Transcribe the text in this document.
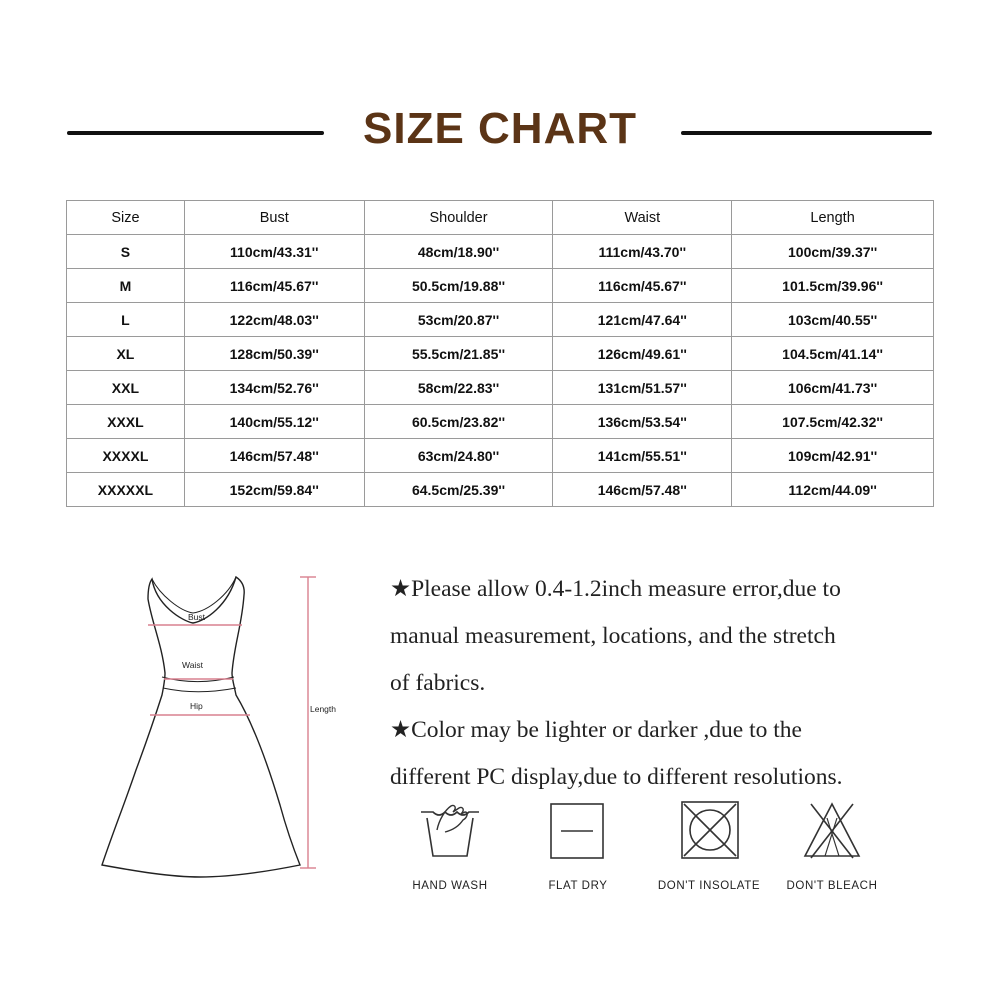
SIZE CHART
Size	Bust	Shoulder	Waist	Length
S	110cm/43.31''	48cm/18.90''	111cm/43.70''	100cm/39.37''
M	116cm/45.67''	50.5cm/19.88''	116cm/45.67''	101.5cm/39.96''
L	122cm/48.03''	53cm/20.87''	121cm/47.64''	103cm/40.55''
XL	128cm/50.39''	55.5cm/21.85''	126cm/49.61''	104.5cm/41.14''
XXL	134cm/52.76''	58cm/22.83''	131cm/51.57''	106cm/41.73''
XXXL	140cm/55.12''	60.5cm/23.82''	136cm/53.54''	107.5cm/42.32''
XXXXL	146cm/57.48''	63cm/24.80''	141cm/55.51''	109cm/42.91''
XXXXXL	152cm/59.84''	64.5cm/25.39''	146cm/57.48''	112cm/44.09''
Bust
Waist
Hip	Length

★Please allow 0.4-1.2inch measure error,due to

manual measurement, locations, and the stretch

of fabrics.

★Color may be lighter or darker ,due to the

different PC display,due to different resolutions.

HAND WASH	FLAT DRY	DON'T INSOLATE	DON'T BLEACH
